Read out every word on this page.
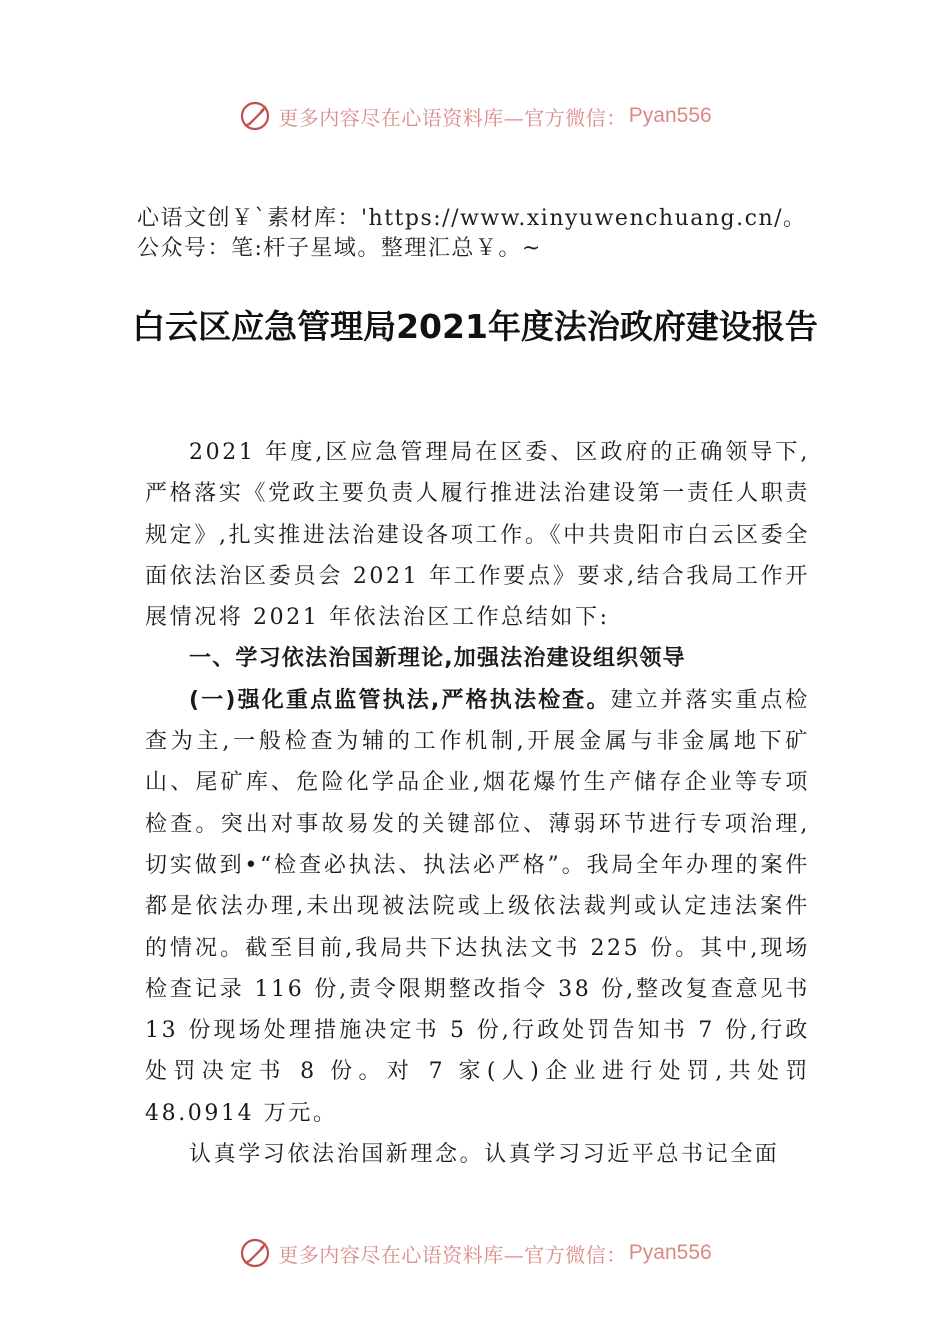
更多内容尽在心语资料库—官方微信： Pyan556
心语文创￥`素材库：'https://www.xinyuwenchuang.cn/。公众号：笔:杆子星域。整理汇总￥。~
白云区应急管理局2021年度法治政府建设报告

2021 年度,区应急管理局在区委、区政府的正确领导下,严格落实《党政主要负责人履行推进法治建设第一责任人职责规定》,扎实推进法治建设各项工作。《中共贵阳市白云区委全面依法治区委员会 2021 年工作要点》要求,结合我局工作开展情况将 2021 年依法治区工作总结如下:

一、学习依法治国新理论,加强法治建设组织领导

(一)强化重点监管执法,严格执法检查。建立并落实重点检查为主,一般检查为辅的工作机制,开展金属与非金属地下矿山、尾矿库、危险化学品企业,烟花爆竹生产储存企业等专项检查。突出对事故易发的关键部位、薄弱环节进行专项治理,切实做到•“检查必执法、执法必严格”。我局全年办理的案件都是依法办理,未出现被法院或上级依法裁判或认定违法案件的情况。截至目前,我局共下达执法文书 225 份。其中,现场检查记录 116 份,责令限期整改指令 38 份,整改复查意见书 13 份现场处理措施决定书 5 份,行政处罚告知书 7 份,行政处罚决定书 8 份。对 7 家(人)企业进行处罚,共处罚 48.0914 万元。

认真学习依法治国新理念。认真学习习近平总书记全面

更多内容尽在心语资料库—官方微信： Pyan556
